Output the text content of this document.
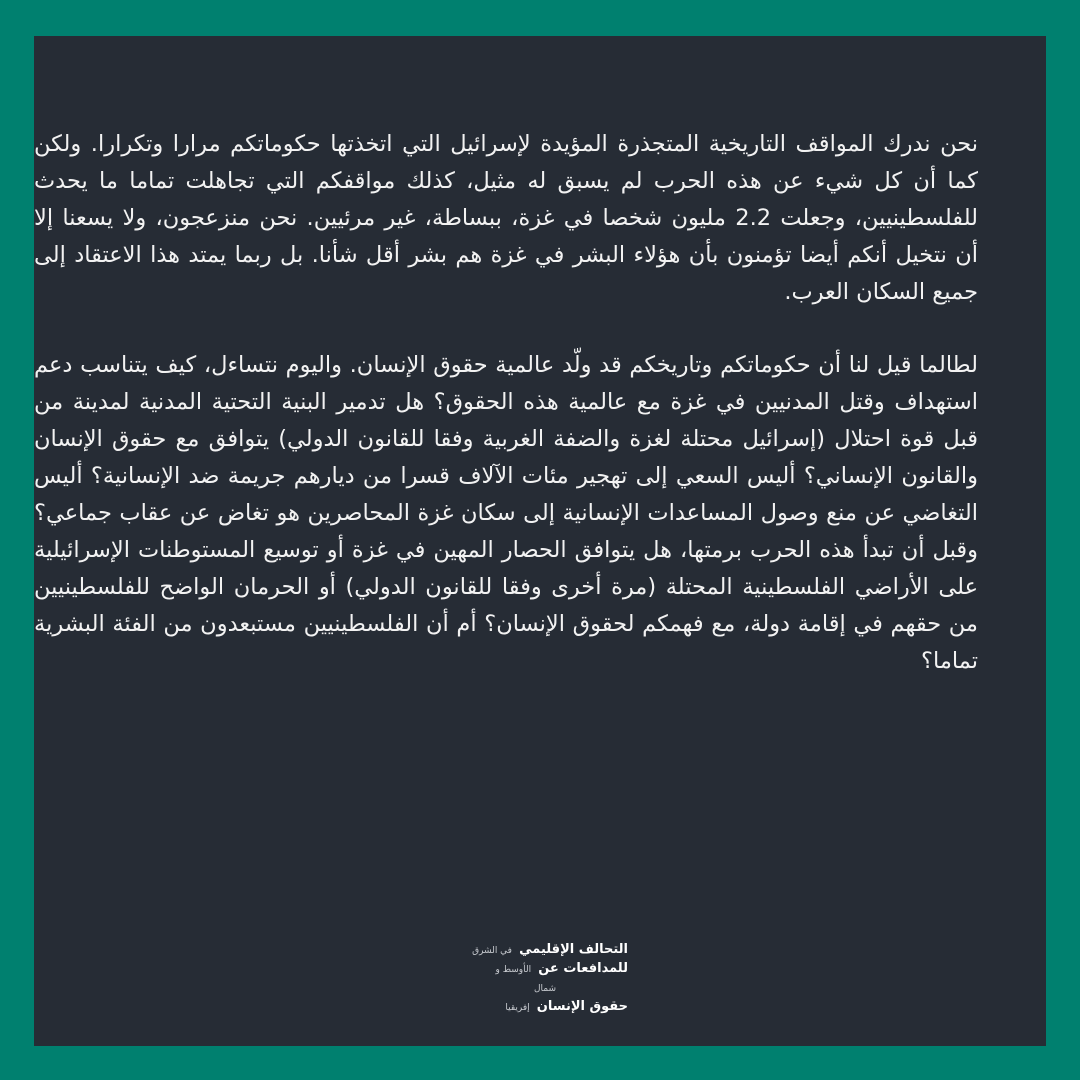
نحن ندرك المواقف التاريخية المتجذرة المؤيدة لإسرائيل التي اتخذتها حكوماتكم مرارا وتكرارا. ولكن كما أن كل شيء عن هذه الحرب لم يسبق له مثيل، كذلك مواقفكم التي تجاهلت تماما ما يحدث للفلسطينيين، وجعلت 2.2 مليون شخصا في غزة، ببساطة، غير مرئيين. نحن منزعجون، ولا يسعنا إلا أن نتخيل أنكم أيضا تؤمنون بأن هؤلاء البشر في غزة هم بشر أقل شأنا. بل ربما يمتد هذا الاعتقاد إلى جميع السكان العرب.

لطالما قيل لنا أن حكوماتكم وتاريخكم قد ولّد عالمية حقوق الإنسان. واليوم نتساءل، كيف يتناسب دعم استهداف وقتل المدنيين في غزة مع عالمية هذه الحقوق؟ هل تدمير البنية التحتية المدنية لمدينة من قبل قوة احتلال (إسرائيل محتلة لغزة والضفة الغربية وفقا للقانون الدولي) يتوافق مع حقوق الإنسان والقانون الإنساني؟ أليس السعي إلى تهجير مئات الآلاف قسرا من ديارهم جريمة ضد الإنسانية؟ أليس التغاضي عن منع وصول المساعدات الإنسانية إلى سكان غزة المحاصرين هو تغاض عن عقاب جماعي؟ وقبل أن تبدأ هذه الحرب برمتها، هل يتوافق الحصار المهين في غزة أو توسيع المستوطنات الإسرائيلية على الأراضي الفلسطينية المحتلة (مرة أخرى وفقا للقانون الدولي) أو الحرمان الواضح للفلسطينيين من حقهم في إقامة دولة، مع فهمكم لحقوق الإنسان؟ أم أن الفلسطينيين مستبعدون من الفئة البشرية تماما؟

التحالف الإقليمي في الشرق
للمدافعات عن الأوسط و
شمال
حقوق الإنسان إفريقيا
